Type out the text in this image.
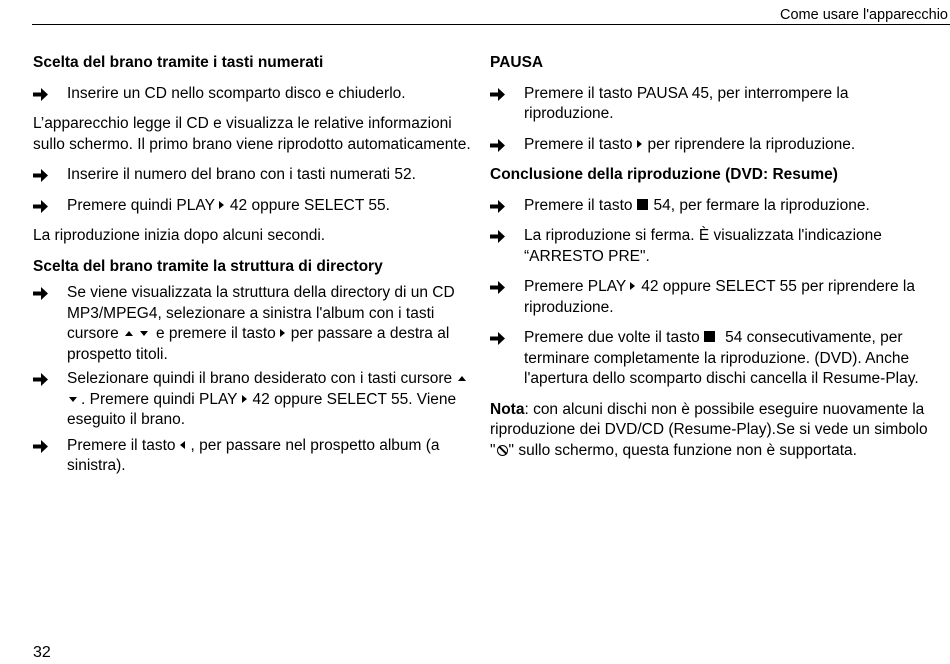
Come usare l'apparecchio
Scelta del brano tramite i tasti numerati
Inserire un CD nello scomparto disco e chiuderlo.
L’apparecchio legge il CD e visualizza le relative informazioni sullo schermo. Il primo brano viene riprodotto automaticamente.
Inserire il numero del brano con i tasti numerati 52.
Premere quindi PLAY 42 oppure SELECT 55.
La riproduzione inizia dopo alcuni secondi.
Scelta del brano tramite la struttura di directory
Se viene visualizzata la struttura della directory di un CD MP3/MPEG4, selezionare a sinistra l'album con i tasti cursore e premere il tasto per passare a destra al prospetto titoli.
Selezionare quindi il brano desiderato con i tasti cursore. Premere quindi PLAY 42 oppure SELECT 55. Viene eseguito il brano.
Premere il tasto , per passare nel prospetto album (a sinistra).
PAUSA
Premere il tasto PAUSA 45, per interrompere la riproduzione.
Premere il tasto per riprendere la riproduzione.
Conclusione della riproduzione (DVD: Resume)
Premere il tasto 54, per fermare la riproduzione.
La riproduzione si ferma. È visualizzata l'indicazione “ARRESTO PRE".
Premere PLAY 42 oppure SELECT 55 per riprendere la riproduzione.
Premere due volte il tasto 54 consecutivamente, per terminare completamente la riproduzione. (DVD). Anche l'apertura dello scomparto dischi cancella il Resume-Play.
Nota: con alcuni dischi non è possibile eseguire nuovamente la riproduzione dei DVD/CD (Resume-Play).Se si vede un simbolo " " sullo schermo, questa funzione non è supportata.
32
